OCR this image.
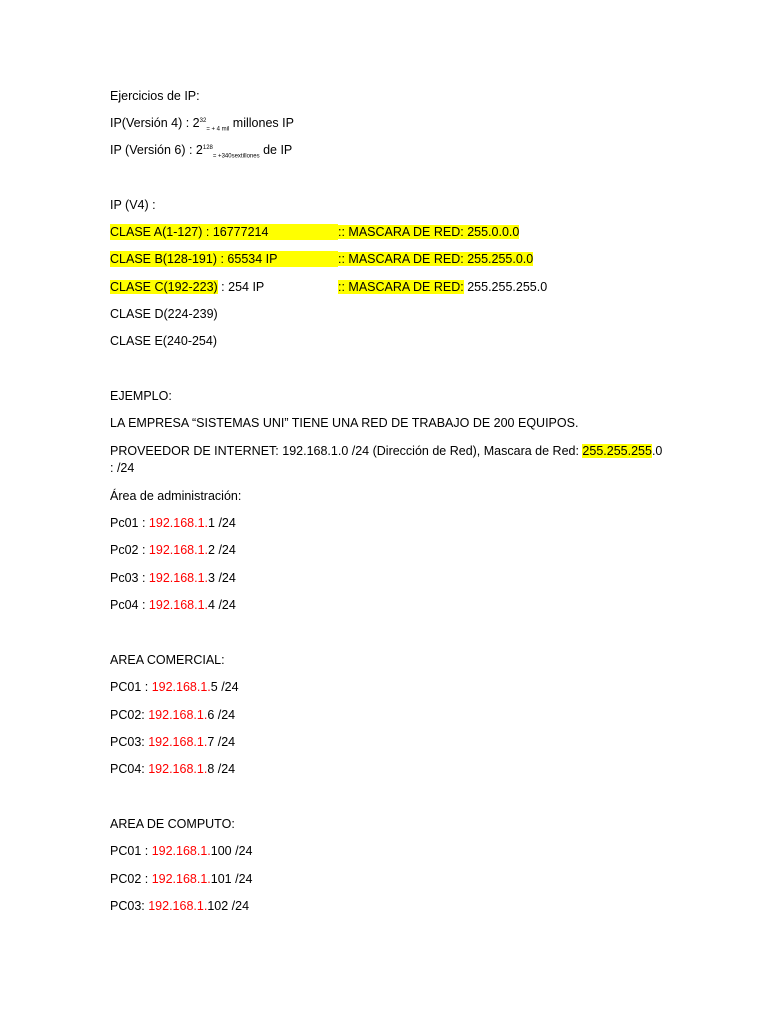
Ejercicios de IP:

IP(Versión 4) : $2^{32}_{= + 4 mil}$ millones IP

IP (Versión 6) : $2^{128}_{= +340sextillones}$ de IP

IP (V4) :

CLASE A(1-127) : 16777214	:: MASCARA DE RED: 255.0.0.0

CLASE B(128-191) : 65534 IP	:: MASCARA DE RED: 255.255.0.0

CLASE C(192-223) : 254 IP	:: MASCARA DE RED: 255.255.255.0

CLASE D(224-239)

CLASE E(240-254)

EJEMPLO:

LA EMPRESA “SISTEMAS UNI” TIENE UNA RED DE TRABAJO DE 200 EQUIPOS.

PROVEEDOR DE INTERNET: 192.168.1.0 /24 (Dirección de Red), Mascara de Red: 255.255.255.0

: /24

Área de administración:

Pc01 : 192.168.1.1 /24

Pc02 : 192.168.1.2 /24

Pc03 : 192.168.1.3 /24

Pc04 : 192.168.1.4 /24

AREA COMERCIAL:

PC01 : 192.168.1.5 /24

PC02: 192.168.1.6 /24

PC03: 192.168.1.7 /24

PC04: 192.168.1.8 /24

AREA DE COMPUTO:

PC01 : 192.168.1.100 /24

PC02 : 192.168.1.101 /24

PC03: 192.168.1.102 /24
